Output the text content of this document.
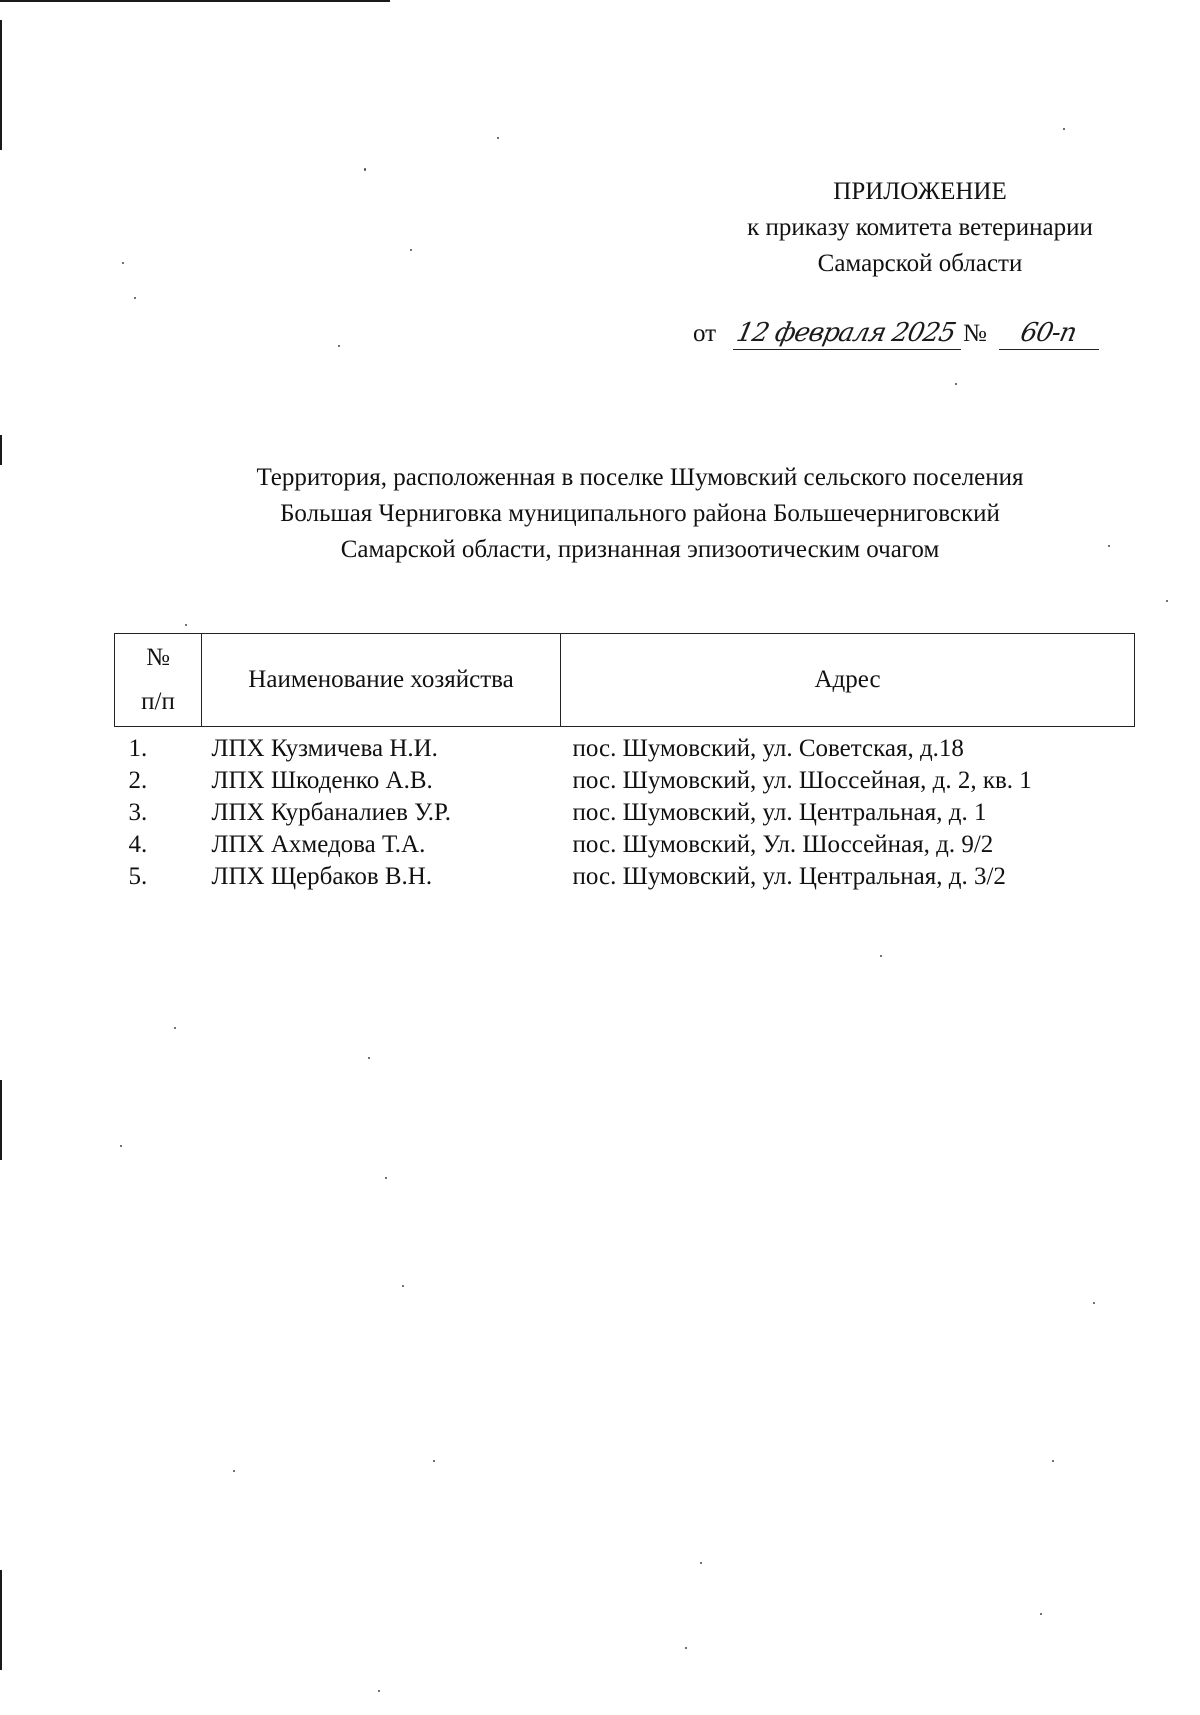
ПРИЛОЖЕНИЕ
к приказу комитета ветеринарии
Самарской области
от 12 февраля 2025 № 60-п
Территория, расположенная в поселке Шумовский сельского поселения
Большая Черниговка муниципального района Большечерниговский
Самарской области, признанная эпизоотическим очагом
№
п/п	Наименование хозяйства	Адрес
1.	ЛПХ Кузмичева Н.И.	пос. Шумовский, ул. Советская, д.18
2.	ЛПХ Шкоденко А.В.	пос. Шумовский, ул. Шоссейная, д. 2, кв. 1
3.	ЛПХ Курбаналиев У.Р.	пос. Шумовский, ул. Центральная, д. 1
4.	ЛПХ Ахмедова Т.А.	пос. Шумовский, Ул. Шоссейная, д. 9/2
5.	ЛПХ Щербаков В.Н.	пос. Шумовский, ул. Центральная, д. 3/2
